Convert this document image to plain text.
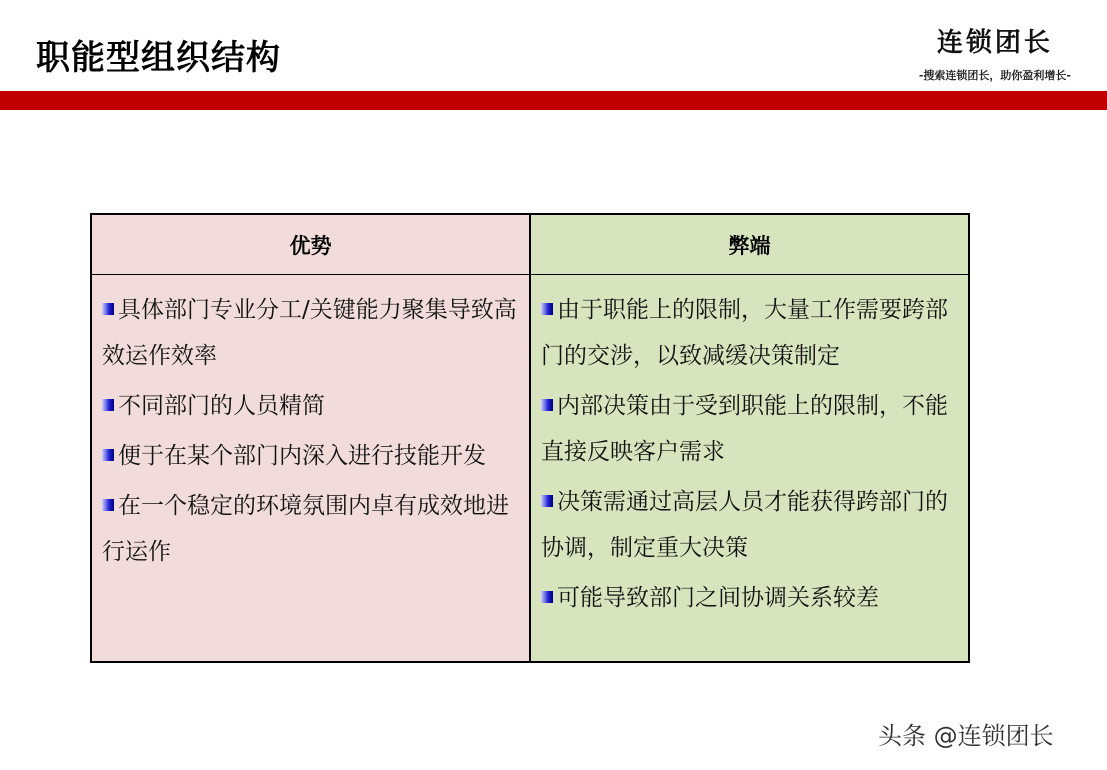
职能型组织结构	连锁团长
-搜索连锁团长，助你盈利增长-
优势
具体部门专业分工/关键能力聚集导致高效运作效率
不同部门的人员精简
便于在某个部门内深入进行技能开发
在一个稳定的环境氛围内卓有成效地进行运作
弊端
由于职能上的限制，大量工作需要跨部门的交涉，以致减缓决策制定
内部决策由于受到职能上的限制，不能直接反映客户需求
决策需通过高层人员才能获得跨部门的协调，制定重大决策
可能导致部门之间协调关系较差
头条 @连锁团长
